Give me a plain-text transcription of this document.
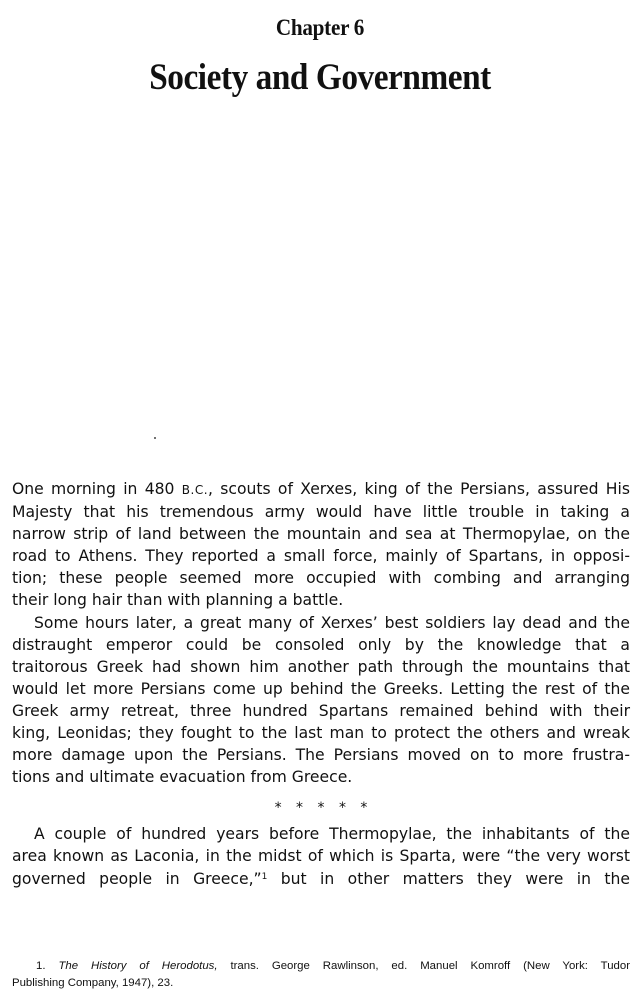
Chapter 6
Society and Government

One morning in 480 B.C., scouts of Xerxes, king of the Persians, assured His
Majesty that his tremendous army would have little trouble in taking a
narrow strip of land between the mountain and sea at Thermopylae, on the
road to Athens. They reported a small force, mainly of Spartans, in opposi-
tion; these people seemed more occupied with combing and arranging
their long hair than with planning a battle.

Some hours later, a great many of Xerxes’ best soldiers lay dead and the
distraught emperor could be consoled only by the knowledge that a
traitorous Greek had shown him another path through the mountains that
would let more Persians come up behind the Greeks. Letting the rest of the
Greek army retreat, three hundred Spartans remained behind with their
king, Leonidas; they fought to the last man to protect the others and wreak
more damage upon the Persians. The Persians moved on to more frustra-
tions and ultimate evacuation from Greece.

* * * * *

A couple of hundred years before Thermopylae, the inhabitants of the
area known as Laconia, in the midst of which is Sparta, were “the very worst
governed people in Greece,”$^1$ but in other matters they were in the

1. The History of Herodotus, trans. George Rawlinson, ed. Manuel Komroff (New York: Tudor
Publishing Company, 1947), 23.
